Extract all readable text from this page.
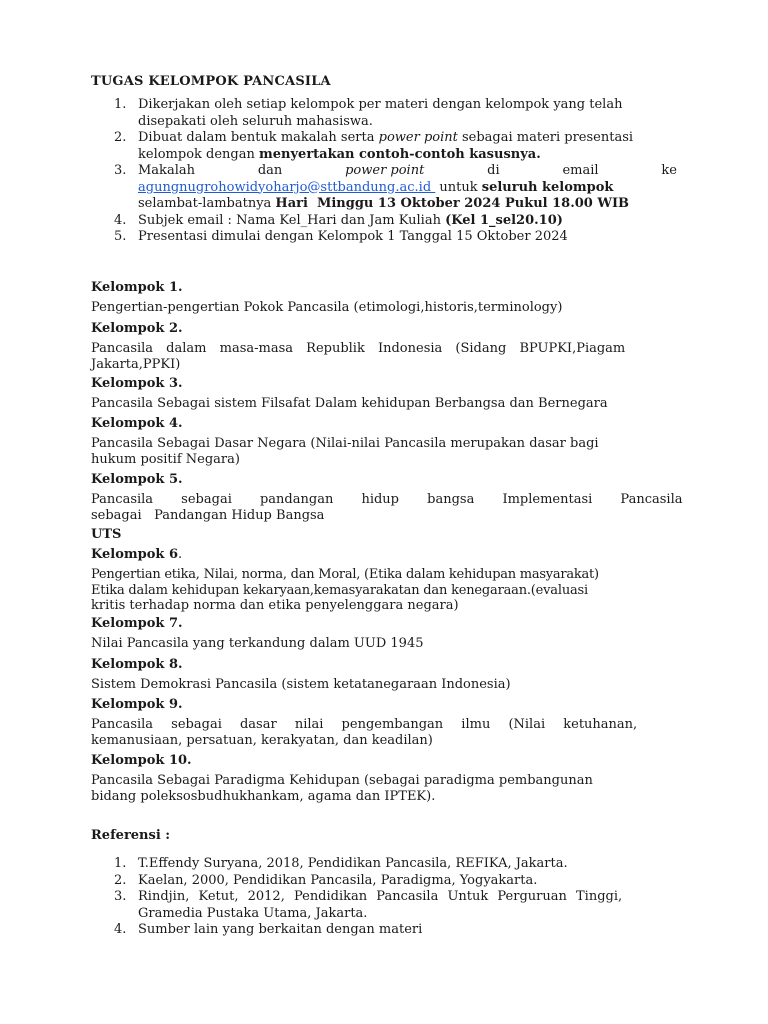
TUGAS KELOMPOK PANCASILA
1. Dikerjakan oleh setiap kelompok per materi dengan kelompok yang telah
disepakati oleh seluruh mahasiswa.
2. Dibuat dalam bentuk makalah serta power point sebagai materi presentasi
kelompok dengan menyertakan contoh-contoh kasusnya.
3. Makalah	dan	power point	di	email	ke
agungnugrohowidyoharjo@sttbandung.ac.id  untuk seluruh kelompok
selambat-lambatnya Hari  Minggu 13 Oktober 2024 Pukul 18.00 WIB
4. Subjek email : Nama Kel_Hari dan Jam Kuliah (Kel 1_sel20.10)
5. Presentasi dimulai dengan Kelompok 1 Tanggal 15 Oktober 2024
Kelompok 1.
Pengertian-pengertian Pokok Pancasila (etimologi,historis,terminology)
Kelompok 2.
Pancasila dalam masa-masa Republik Indonesia (Sidang BPUPKI,Piagam
Jakarta,PPKI)
Kelompok 3.
Pancasila Sebagai sistem Filsafat Dalam kehidupan Berbangsa dan Bernegara
Kelompok 4.
Pancasila Sebagai Dasar Negara (Nilai-nilai Pancasila merupakan dasar bagi
hukum positif Negara)
Kelompok 5.
Pancasila sebagai pandangan hidup bangsa Implementasi Pancasila
sebagai   Pandangan Hidup Bangsa
UTS
Kelompok 6.
Pengertian etika, Nilai, norma, dan Moral, (Etika dalam kehidupan masyarakat)
Etika dalam kehidupan kekaryaan,kemasyarakatan dan kenegaraan.(evaluasi
kritis terhadap norma dan etika penyelenggara negara)
Kelompok 7.
Nilai Pancasila yang terkandung dalam UUD 1945
Kelompok 8.
Sistem Demokrasi Pancasila (sistem ketatanegaraan Indonesia)
Kelompok 9.
Pancasila sebagai dasar nilai pengembangan ilmu (Nilai ketuhanan,
kemanusiaan, persatuan, kerakyatan, dan keadilan)
Kelompok 10.
Pancasila Sebagai Paradigma Kehidupan (sebagai paradigma pembangunan
bidang poleksosbudhukhankam, agama dan IPTEK).
Referensi :
1. T.Effendy Suryana, 2018, Pendidikan Pancasila, REFIKA, Jakarta.
2. Kaelan, 2000, Pendidikan Pancasila, Paradigma, Yogyakarta.
3. Rindjin, Ketut, 2012, Pendidikan Pancasila Untuk Perguruan Tinggi,
Gramedia Pustaka Utama, Jakarta.
4. Sumber lain yang berkaitan dengan materi
